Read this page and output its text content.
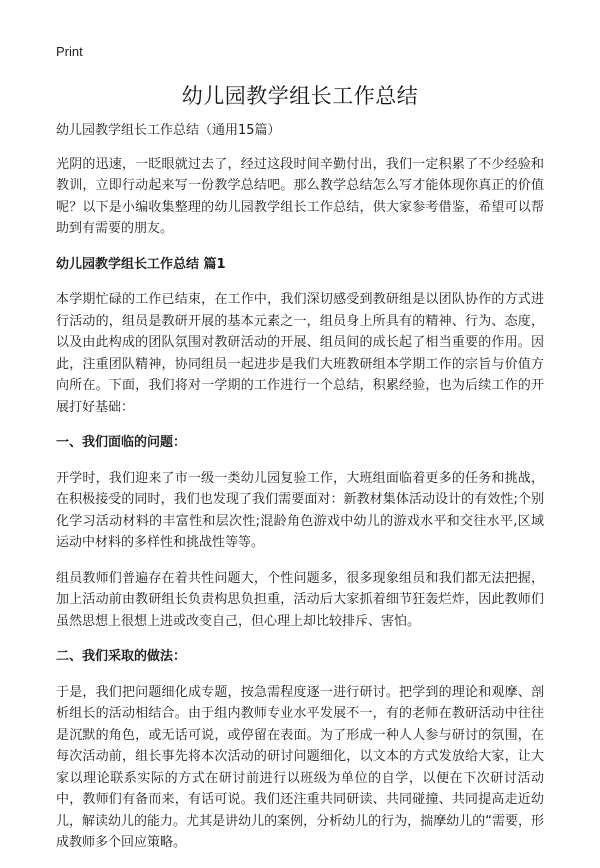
Print
幼儿园教学组长工作总结

幼儿园教学组长工作总结（通用15篇）

光阴的迅速，一眨眼就过去了，经过这段时间辛勤付出，我们一定积累了不少经验和教训，立即行动起来写一份教学总结吧。那么教学总结怎么写才能体现你真正的价值呢？以下是小编收集整理的幼儿园教学组长工作总结，供大家参考借鉴，希望可以帮助到有需要的朋友。

幼儿园教学组长工作总结 篇1

本学期忙碌的工作已结束，在工作中，我们深切感受到教研组是以团队协作的方式进行活动的，组员是教研开展的基本元素之一，组员身上所具有的精神、行为、态度，以及由此构成的团队氛围对教研活动的开展、组员间的成长起了相当重要的作用。因此，注重团队精神，协同组员一起进步是我们大班教研组本学期工作的宗旨与价值方向所在。下面，我们将对一学期的工作进行一个总结，积累经验，也为后续工作的开展打好基础：

一、我们面临的问题：

开学时，我们迎来了市一级一类幼儿园复验工作，大班组面临着更多的任务和挑战，在积极接受的同时，我们也发现了我们需要面对：新教材集体活动设计的有效性;个别化学习活动材料的丰富性和层次性;混龄角色游戏中幼儿的游戏水平和交往水平,区域运动中材料的多样性和挑战性等等。

组员教师们普遍存在着共性问题大，个性问题多，很多现象组员和我们都无法把握，加上活动前由教研组长负责构思负担重，活动后大家抓着细节狂轰烂炸，因此教师们虽然思想上很想上进或改变自己，但心理上却比较排斥、害怕。

二、我们采取的做法：

于是，我们把问题细化成专题，按急需程度逐一进行研讨。把学到的理论和观摩、剖析组长的活动相结合。由于组内教师专业水平发展不一，有的老师在教研活动中往往是沉默的角色，或无话可说，或停留在表面。为了形成一种人人参与研讨的氛围，在每次活动前，组长事先将本次活动的研讨问题细化，以文本的方式发放给大家，让大家以理论联系实际的方式在研讨前进行以班级为单位的自学，以便在下次研讨活动中，教师们有备而来，有话可说。我们还注重共同研读、共同碰撞、共同提高走近幼儿，解读幼儿的能力。尤其是讲幼儿的案例，分析幼儿的行为，揣摩幼儿的“需要，形成教师多个回应策略。
